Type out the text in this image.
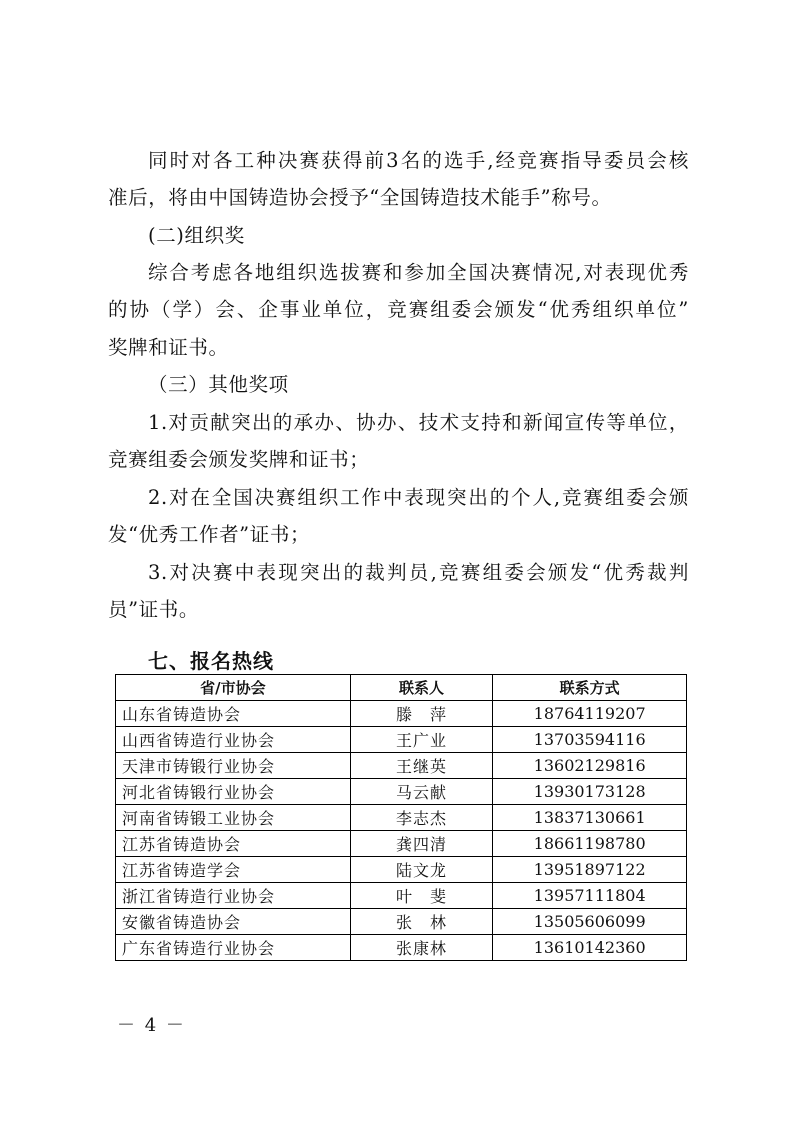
同时对各工种决赛获得前3名的选手,经竞赛指导委员会核
准后，将由中国铸造协会授予“全国铸造技术能手”称号。
(二)组织奖
综合考虑各地组织选拔赛和参加全国决赛情况,对表现优秀
的协（学）会、企事业单位，竞赛组委会颁发“优秀组织单位”
奖牌和证书。
（三）其他奖项
1.对贡献突出的承办、协办、技术支持和新闻宣传等单位，
竞赛组委会颁发奖牌和证书；
2.对在全国决赛组织工作中表现突出的个人,竞赛组委会颁
发“优秀工作者”证书；
3.对决赛中表现突出的裁判员,竞赛组委会颁发“优秀裁判
员”证书。
七、报名热线
省/市协会	联系人	联系方式
山东省铸造协会	滕　萍	18764119207
山西省铸造行业协会	王广业	13703594116
天津市铸锻行业协会	王继英	13602129816
河北省铸锻行业协会	马云献	13930173128
河南省铸锻工业协会	李志杰	13837130661
江苏省铸造协会	龚四清	18661198780
江苏省铸造学会	陆文龙	13951897122
浙江省铸造行业协会	叶　斐	13957111804
安徽省铸造协会	张　林	13505606099
广东省铸造行业协会	张康林	13610142360
－ 4 －
